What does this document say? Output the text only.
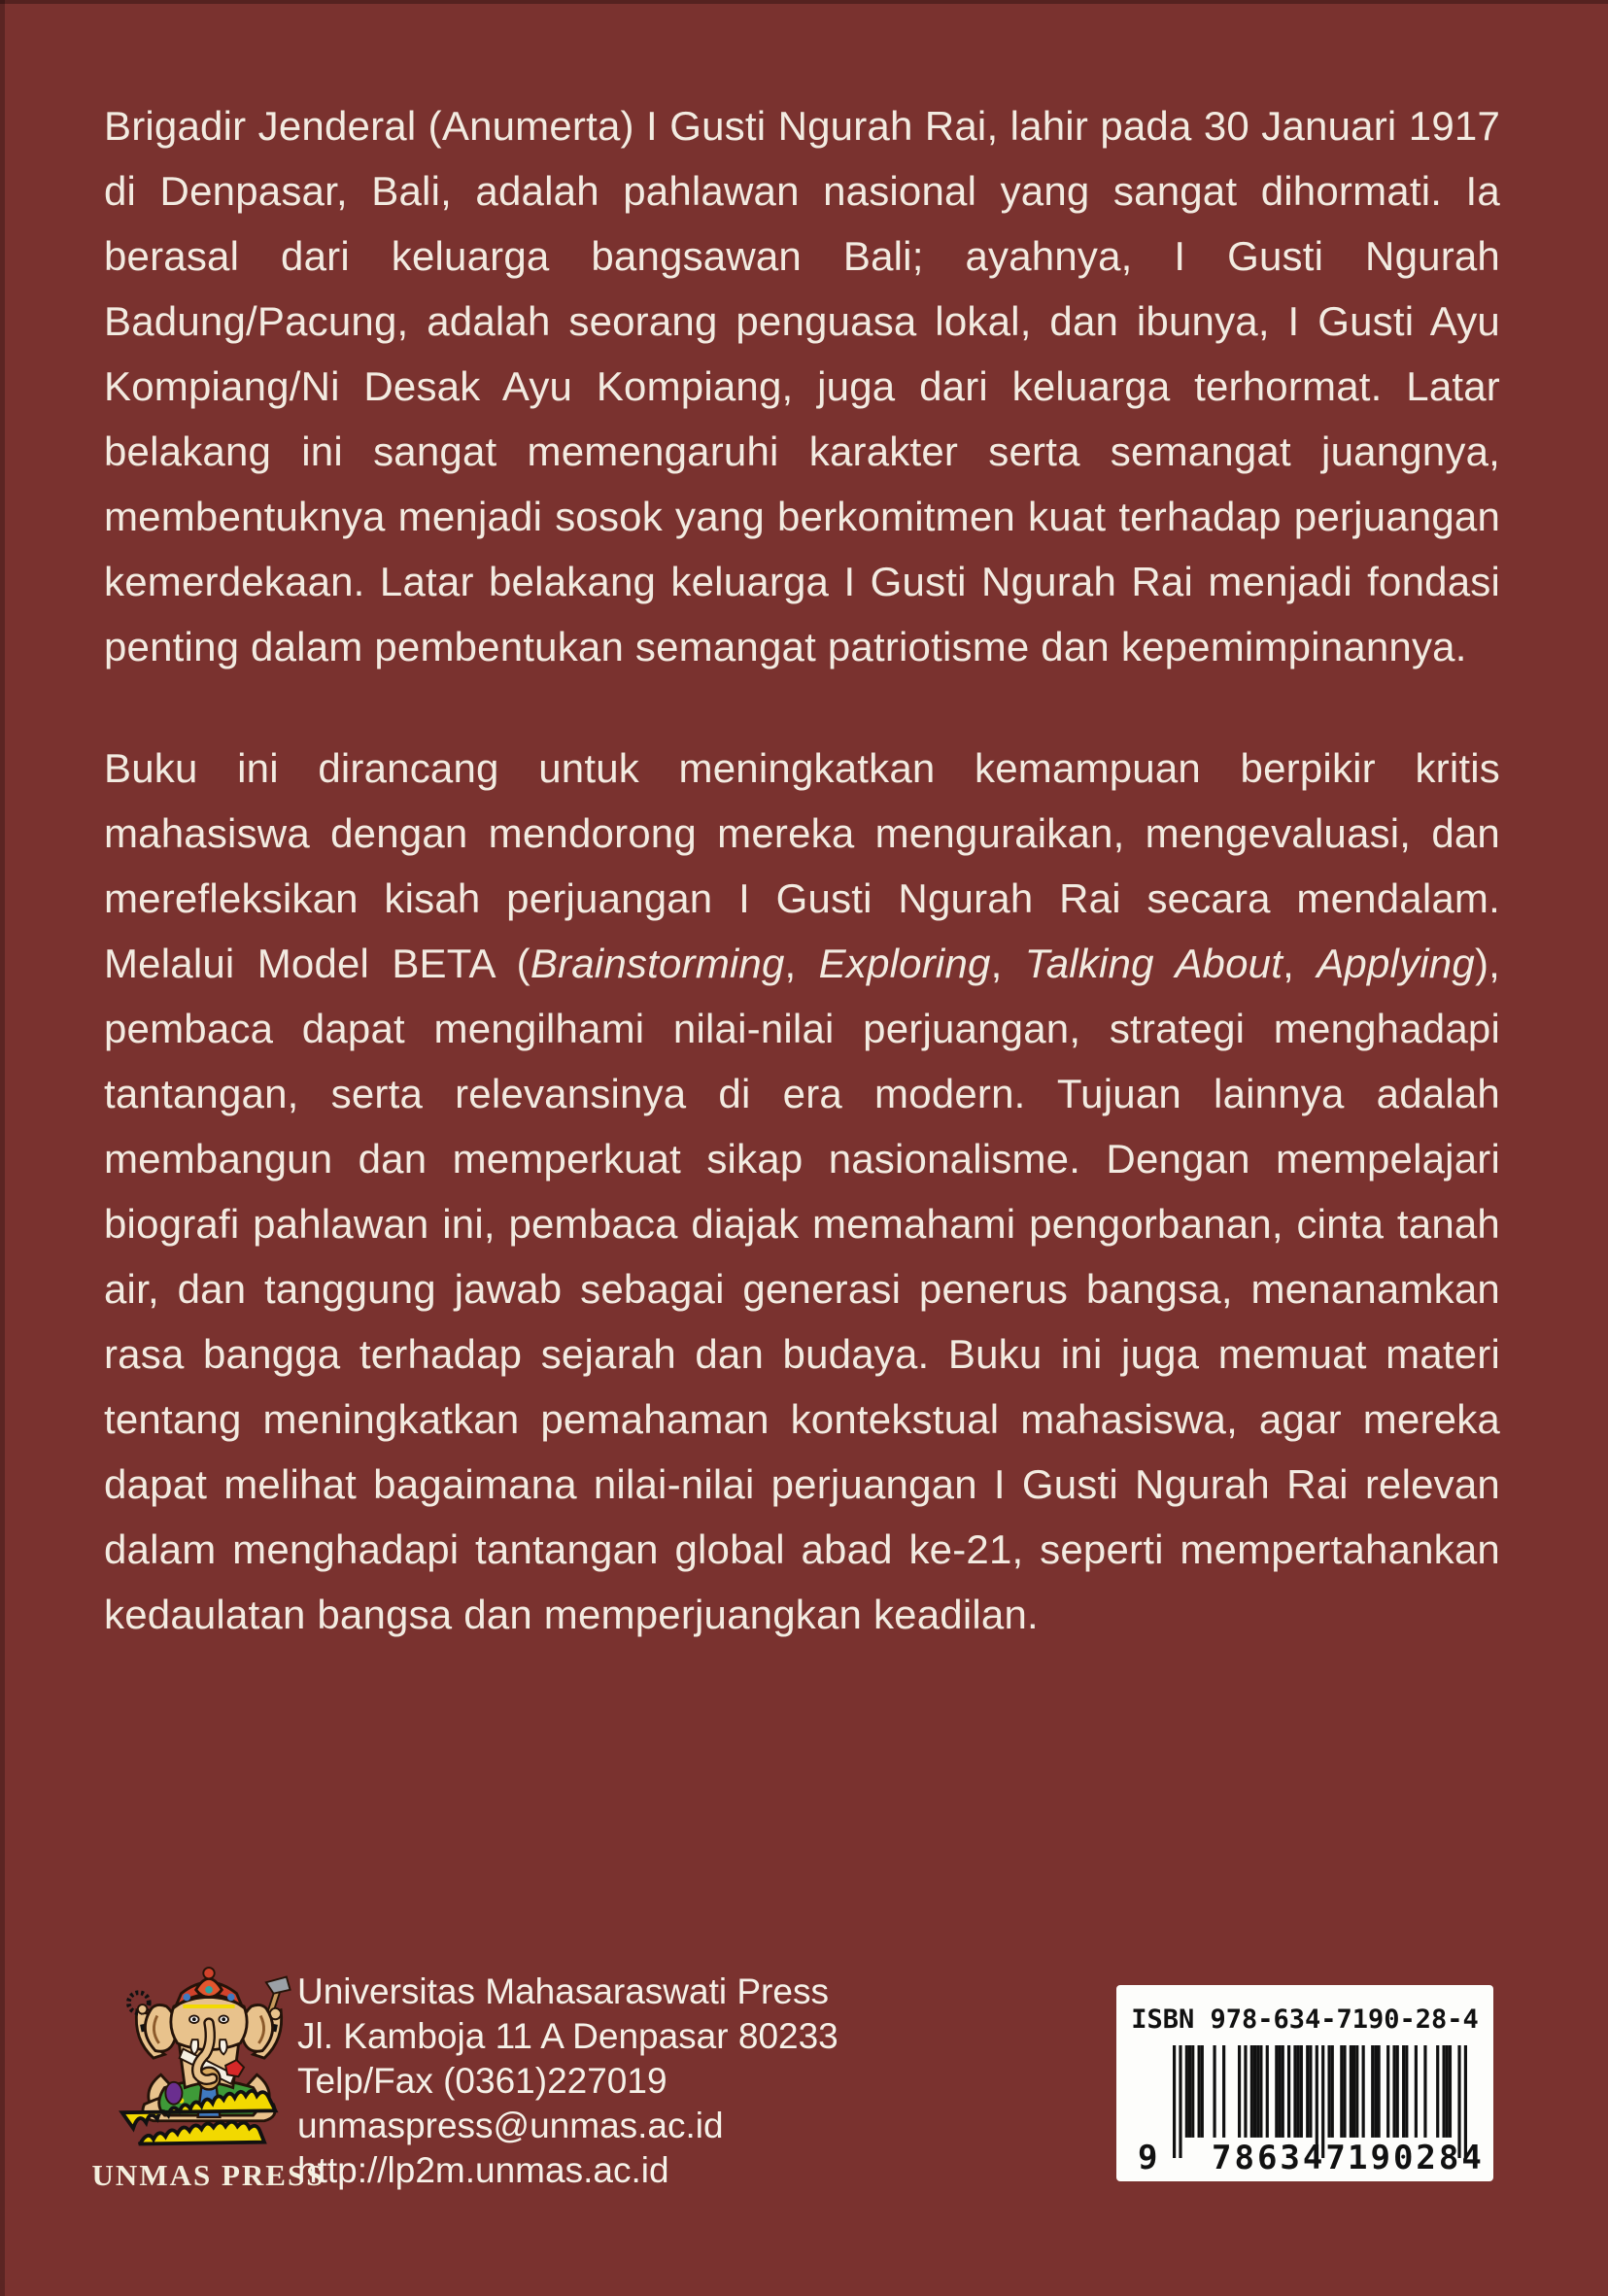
Brigadir Jenderal (Anumerta) I Gusti Ngurah Rai, lahir pada 30 Januari 1917 di Denpasar, Bali, adalah pahlawan nasional yang sangat dihormati. Ia berasal dari keluarga bangsawan Bali; ayahnya, I Gusti Ngurah Badung/Pacung, adalah seorang penguasa lokal, dan ibunya, I Gusti Ayu Kompiang/Ni Desak Ayu Kompiang, juga dari keluarga terhormat. Latar belakang ini sangat memengaruhi karakter serta semangat juangnya, membentuknya menjadi sosok yang berkomitmen kuat terhadap perjuangan kemerdekaan. Latar belakang keluarga I Gusti Ngurah Rai menjadi fondasi penting dalam pembentukan semangat patriotisme dan kepemimpinannya.

Buku ini dirancang untuk meningkatkan kemampuan berpikir kritis mahasiswa dengan mendorong mereka menguraikan, mengevaluasi, dan merefleksikan kisah perjuangan I Gusti Ngurah Rai secara mendalam. Melalui Model BETA (Brainstorming, Exploring, Talking About, Applying), pembaca dapat mengilhami nilai-nilai perjuangan, strategi menghadapi tantangan, serta relevansinya di era modern. Tujuan lainnya adalah membangun dan memperkuat sikap nasionalisme. Dengan mempelajari biografi pahlawan ini, pembaca diajak memahami pengorbanan, cinta tanah air, dan tanggung jawab sebagai generasi penerus bangsa, menanamkan rasa bangga terhadap sejarah dan budaya. Buku ini juga memuat materi tentang meningkatkan pemahaman kontekstual mahasiswa, agar mereka dapat melihat bagaimana nilai-nilai perjuangan I Gusti Ngurah Rai relevan dalam menghadapi tantangan global abad ke-21, seperti mempertahankan kedaulatan bangsa dan memperjuangkan keadilan.

UNMAS PRESS
Universitas Mahasaraswati Press
Jl. Kamboja 11 A Denpasar 80233
Telp/Fax (0361)227019
unmaspress@unmas.ac.id
http://lp2m.unmas.ac.id
ISBN 978-634-7190-28-4
9 786347 190284
